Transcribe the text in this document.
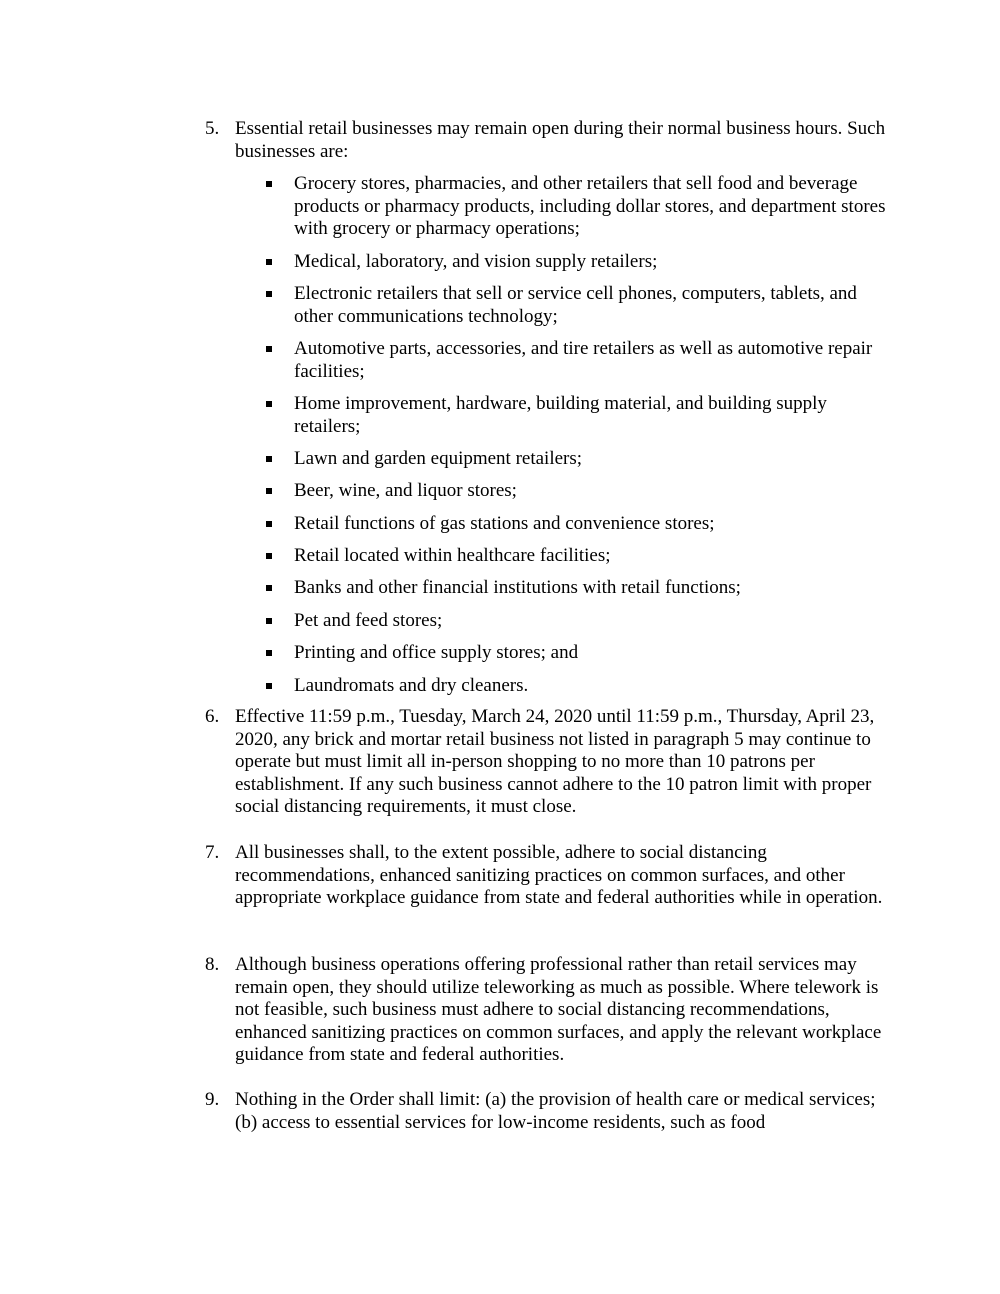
5. Essential retail businesses may remain open during their normal business hours. Such businesses are:
Grocery stores, pharmacies, and other retailers that sell food and beverage products or pharmacy products, including dollar stores, and department stores with grocery or pharmacy operations;
Medical, laboratory, and vision supply retailers;
Electronic retailers that sell or service cell phones, computers, tablets, and other communications technology;
Automotive parts, accessories, and tire retailers as well as automotive repair facilities;
Home improvement, hardware, building material, and building supply retailers;
Lawn and garden equipment retailers;
Beer, wine, and liquor stores;
Retail functions of gas stations and convenience stores;
Retail located within healthcare facilities;
Banks and other financial institutions with retail functions;
Pet and feed stores;
Printing and office supply stores; and
Laundromats and dry cleaners.
6. Effective 11:59 p.m., Tuesday, March 24, 2020 until 11:59 p.m., Thursday, April 23, 2020, any brick and mortar retail business not listed in paragraph 5 may continue to operate but must limit all in-person shopping to no more than 10 patrons per establishment. If any such business cannot adhere to the 10 patron limit with proper social distancing requirements, it must close.
7. All businesses shall, to the extent possible, adhere to social distancing recommendations, enhanced sanitizing practices on common surfaces, and other appropriate workplace guidance from state and federal authorities while in operation.
8. Although business operations offering professional rather than retail services may remain open, they should utilize teleworking as much as possible. Where telework is not feasible, such business must adhere to social distancing recommendations, enhanced sanitizing practices on common surfaces, and apply the relevant workplace guidance from state and federal authorities.
9. Nothing in the Order shall limit: (a) the provision of health care or medical services; (b) access to essential services for low-income residents, such as food
